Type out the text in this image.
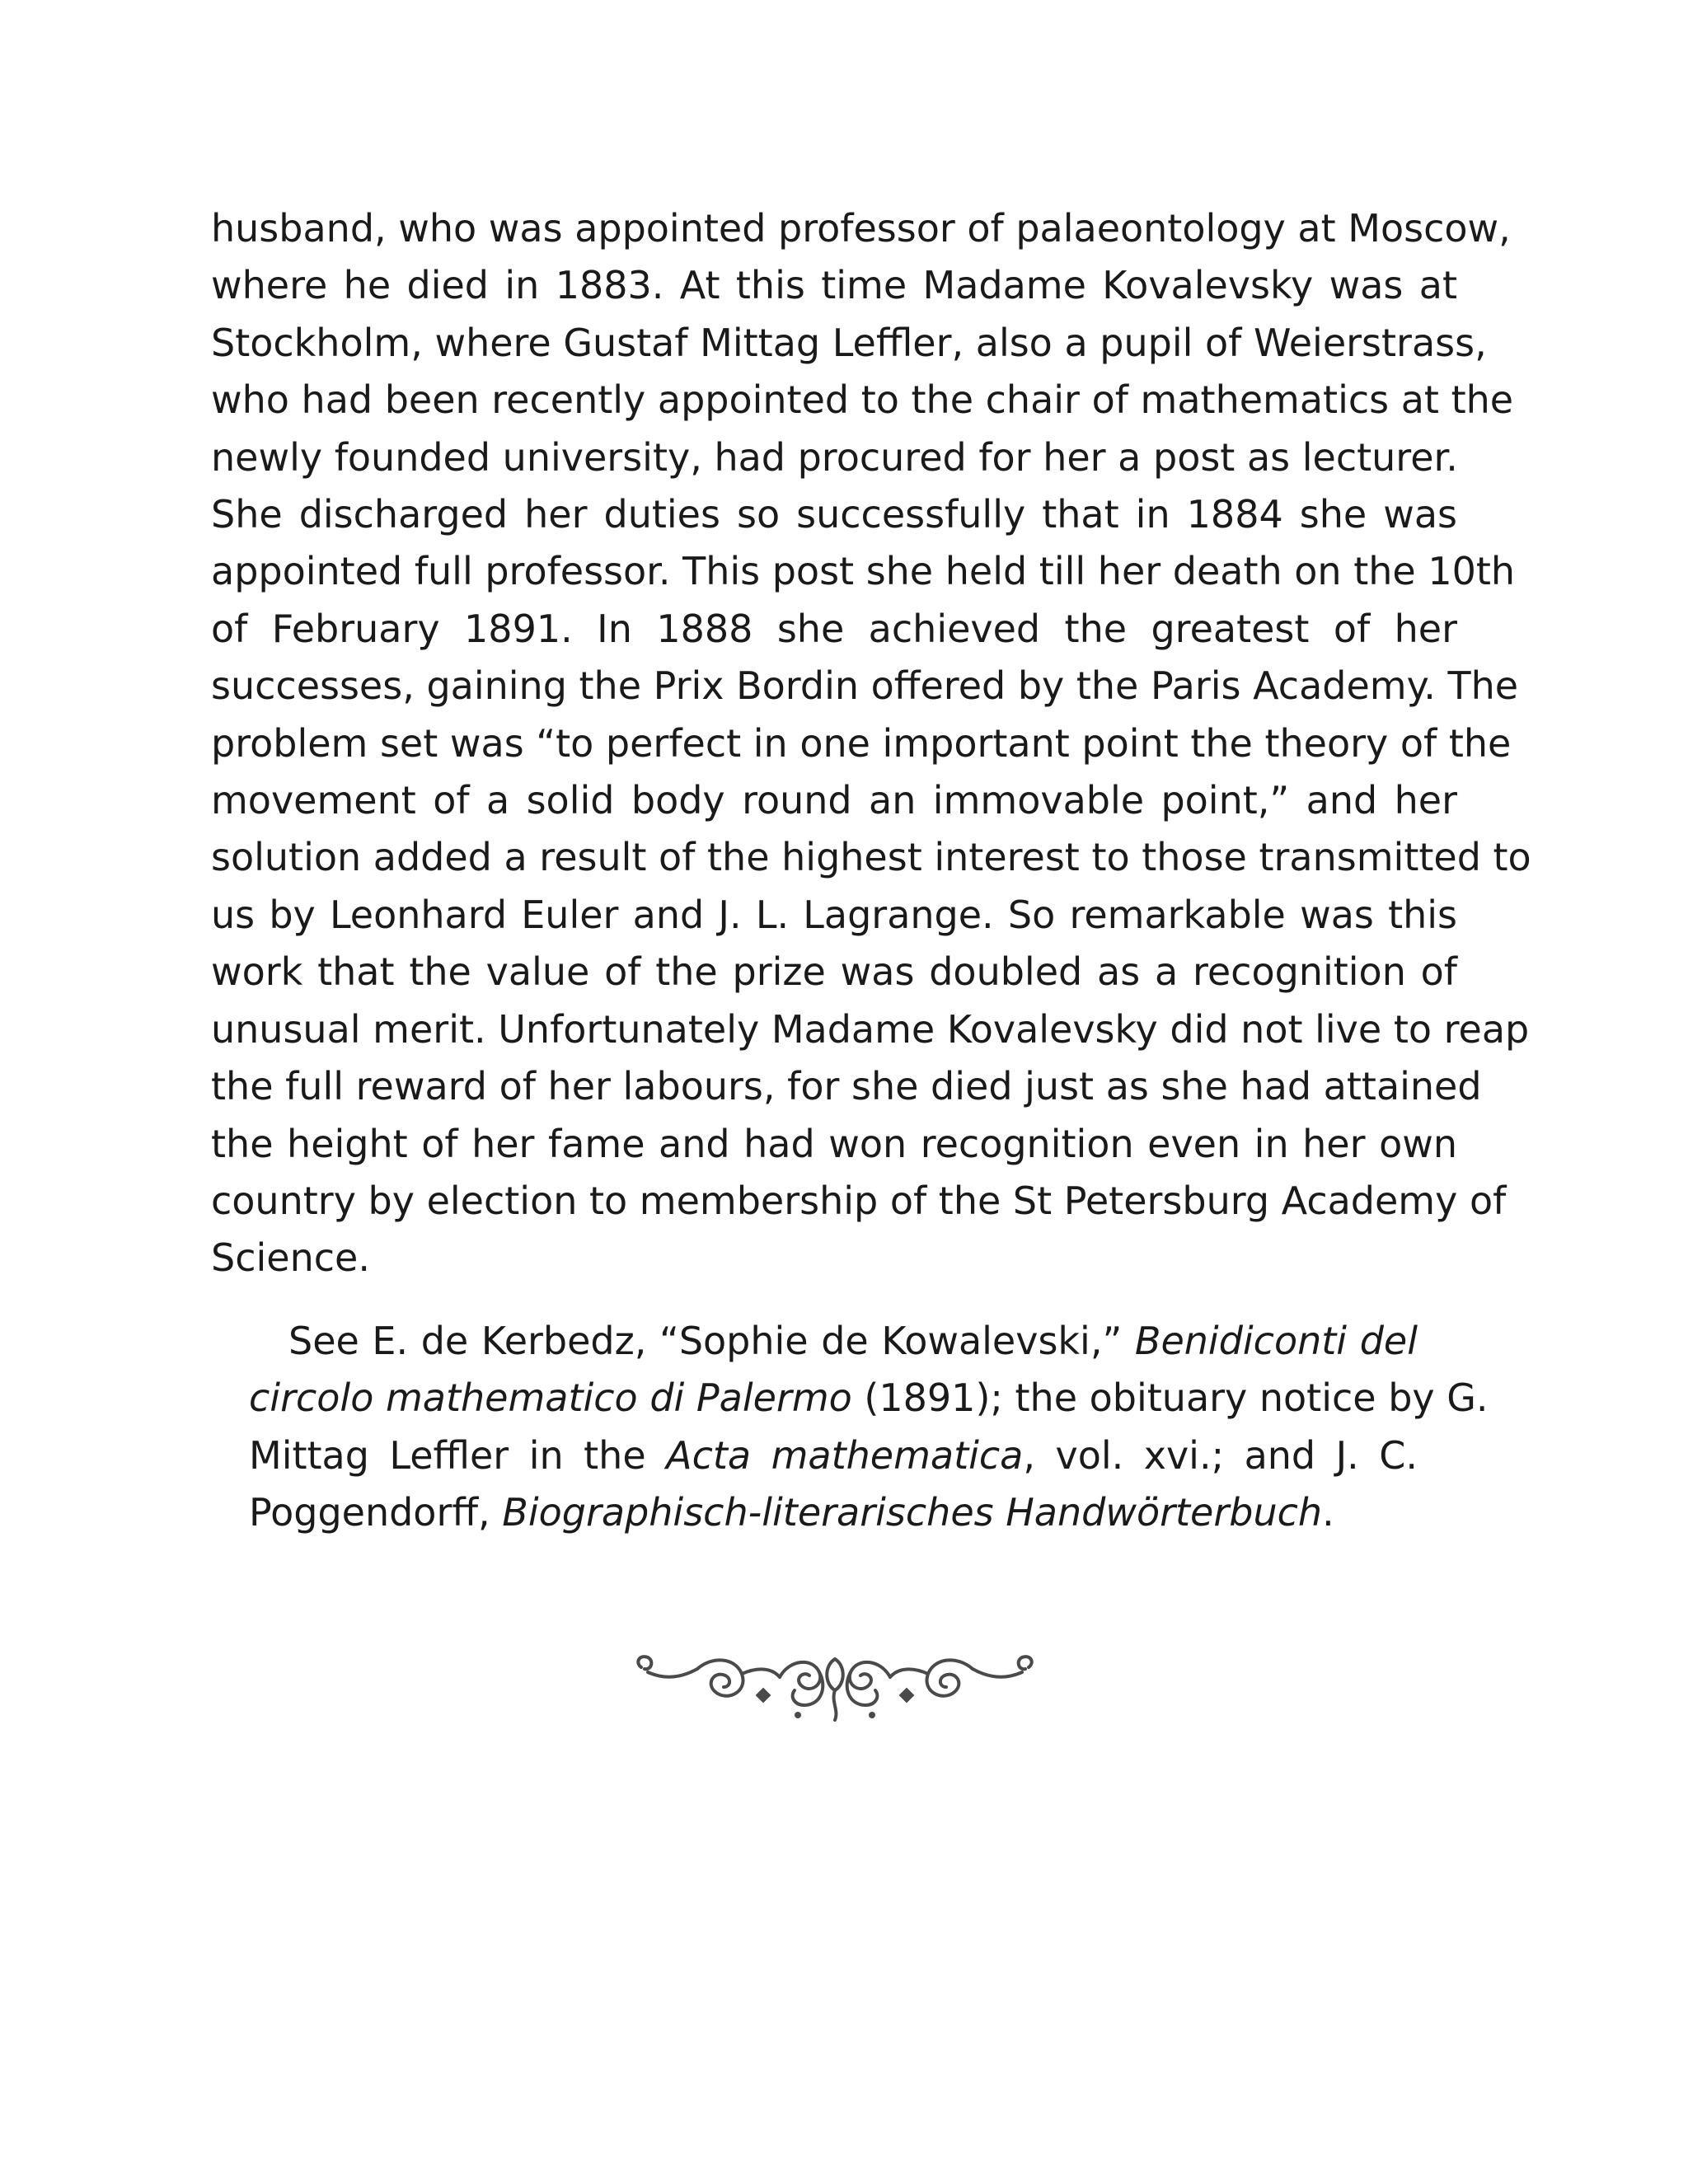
husband, who was appointed professor of palaeontology at Moscow,
where he died in 1883. At this time Madame Kovalevsky was at
Stockholm, where Gustaf Mittag Leffler, also a pupil of Weierstrass,
who had been recently appointed to the chair of mathematics at the
newly founded university, had procured for her a post as lecturer.
She discharged her duties so successfully that in 1884 she was
appointed full professor. This post she held till her death on the 10th
of February 1891. In 1888 she achieved the greatest of her
successes, gaining the Prix Bordin offered by the Paris Academy. The
problem set was “to perfect in one important point the theory of the
movement of a solid body round an immovable point,” and her
solution added a result of the highest interest to those transmitted to
us by Leonhard Euler and J. L. Lagrange. So remarkable was this
work that the value of the prize was doubled as a recognition of
unusual merit. Unfortunately Madame Kovalevsky did not live to reap
the full reward of her labours, for she died just as she had attained
the height of her fame and had won recognition even in her own
country by election to membership of the St Petersburg Academy of
Science.
See E. de Kerbedz, “Sophie de Kowalevski,” Benidiconti del
circolo mathematico di Palermo (1891); the obituary notice by G.
Mittag Leffler in the Acta mathematica, vol. xvi.; and J. C.
Poggendorff, Biographisch-literarisches Handwörterbuch.
